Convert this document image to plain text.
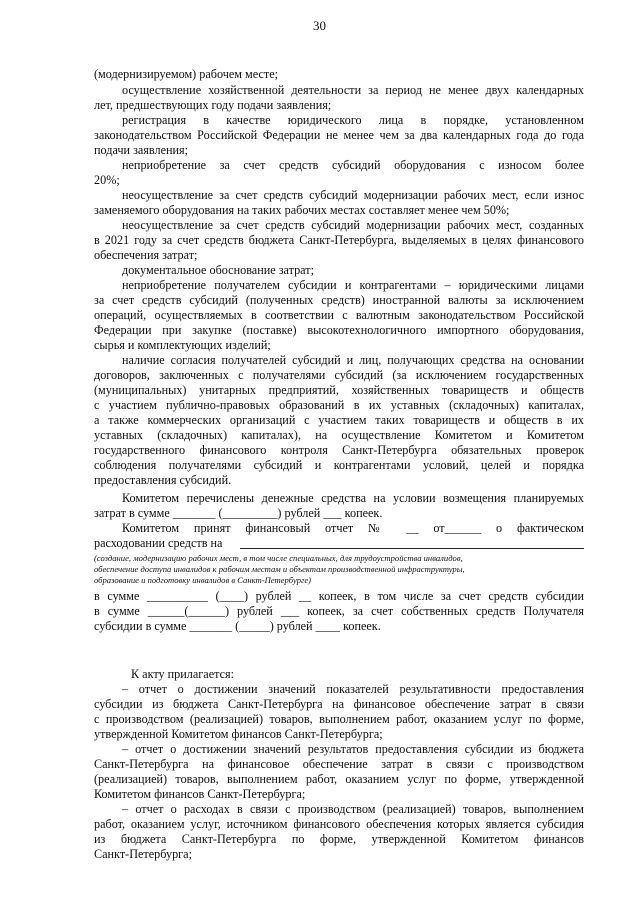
30
(модернизируемом) рабочем месте;
осуществление хозяйственной деятельности за период не менее двух календарных
лет, предшествующих году подачи заявления;
регистрация в качестве юридического лица в порядке, установленном
законодательством Российской Федерации не менее чем за два календарных года до года
подачи заявления;
неприобретение за счет средств субсидий оборудования с износом более
20%;
неосуществление за счет средств субсидий модернизации рабочих мест, если износ
заменяемого оборудования на таких рабочих местах составляет менее чем 50%;
неосуществление за счет средств субсидий модернизации рабочих мест, созданных
в 2021 году за счет средств бюджета Санкт-Петербурга, выделяемых в целях финансового
обеспечения затрат;
документальное обоснование затрат;
неприобретение получателем субсидии и контрагентами – юридическими лицами
за счет средств субсидий (полученных средств) иностранной валюты за исключением
операций, осуществляемых в соответствии с валютным законодательством Российской
Федерации при закупке (поставке) высокотехнологичного импортного оборудования,
сырья и комплектующих изделий;
наличие согласия получателей субсидий и лиц, получающих средства на основании
договоров, заключенных с получателями субсидий (за исключением государственных
(муниципальных) унитарных предприятий, хозяйственных товариществ и обществ
с участием публично-правовых образований в их уставных (складочных) капиталах,
а также коммерческих организаций с участием таких товариществ и обществ в их
уставных (складочных) капиталах), на осуществление Комитетом и Комитетом
государственного финансового контроля Санкт-Петербурга обязательных проверок
соблюдения получателями субсидий и контрагентами условий, целей и порядка
предоставления субсидий.
Комитетом перечислены денежные средства на условии возмещения планируемых
затрат в сумме _______ (_________) рублей ___ копеек.
Комитетом принят финансовый отчет № __ от______ о фактическом
расходовании средств на
(создание, модернизацию рабочих мест, в том числе специальных, для трудоустройства инвалидов,
обеспечение доступа инвалидов к рабочим местам и объектам производственной инфраструктуры,
образование и подготовку инвалидов в Санкт-Петербурге)
в сумме __________ (____) рублей __ копеек, в том числе за счет средств субсидии
в сумме ______(______) рублей ___ копеек, за счет собственных средств Получателя
субсидии в сумме _______ (_____) рублей ____ копеек.
К акту прилагается:
– отчет о достижении значений показателей результативности предоставления
субсидии из бюджета Санкт-Петербурга на финансовое обеспечение затрат в связи
с производством (реализацией) товаров, выполнением работ, оказанием услуг по форме,
утвержденной Комитетом финансов Санкт-Петербурга;
– отчет о достижении значений результатов предоставления субсидии из бюджета
Санкт-Петербурга на финансовое обеспечение затрат в связи с производством
(реализацией) товаров, выполнением работ, оказанием услуг по форме, утвержденной
Комитетом финансов Санкт-Петербурга;
– отчет о расходах в связи с производством (реализацией) товаров, выполнением
работ, оказанием услуг, источником финансового обеспечения которых является субсидия
из бюджета Санкт-Петербурга по форме, утвержденной Комитетом финансов
Санкт-Петербурга;
